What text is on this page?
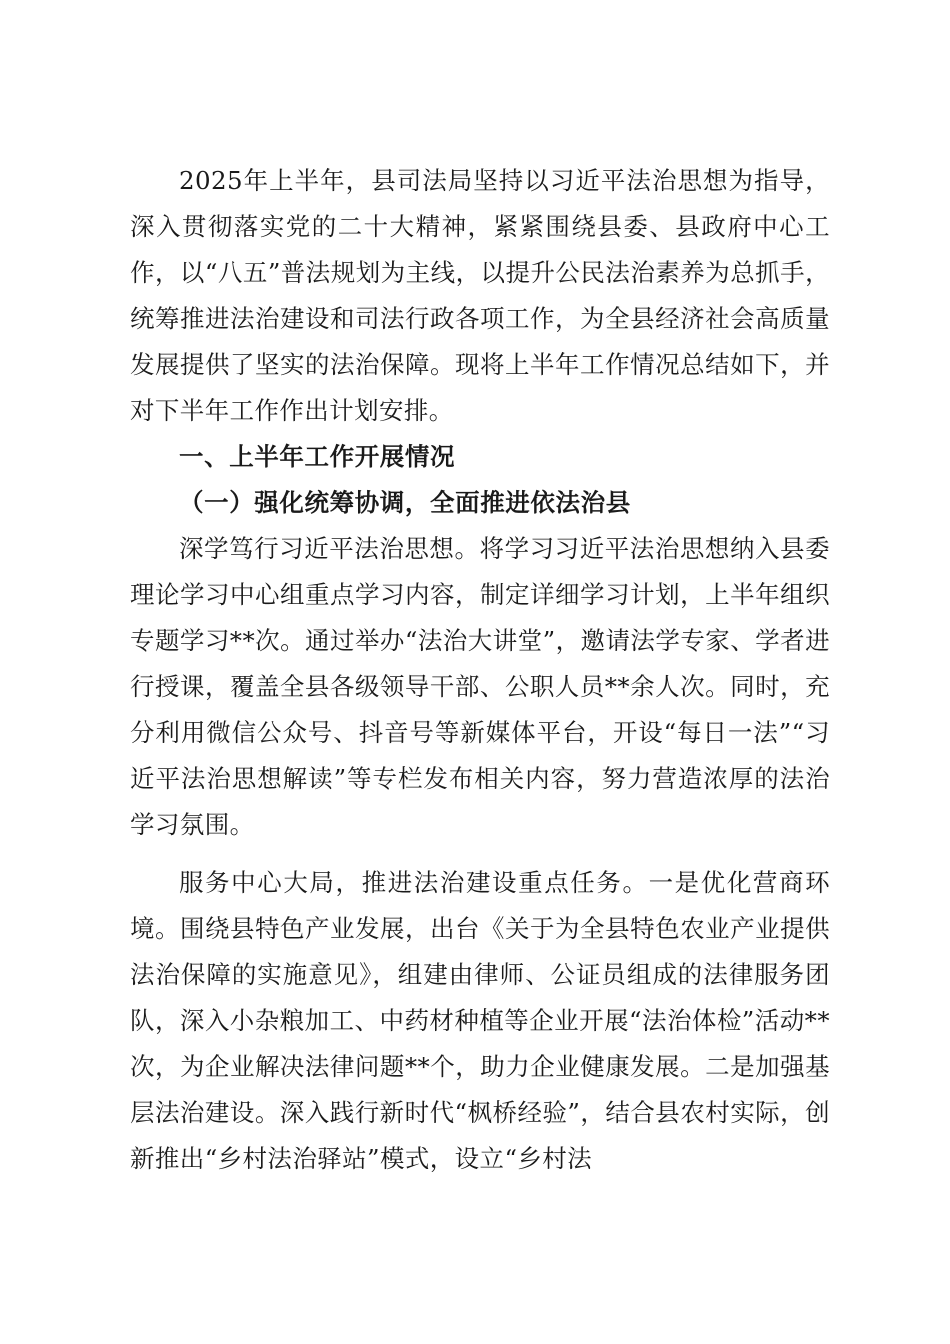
2025年上半年，县司法局坚持以习近平法治思想为指导，深入贯彻落实党的二十大精神，紧紧围绕县委、县政府中心工作，以“八五”普法规划为主线，以提升公民法治素养为总抓手，统筹推进法治建设和司法行政各项工作，为全县经济社会高质量发展提供了坚实的法治保障。现将上半年工作情况总结如下，并对下半年工作作出计划安排。

一、上半年工作开展情况

（一）强化统筹协调，全面推进依法治县

深学笃行习近平法治思想。将学习习近平法治思想纳入县委理论学习中心组重点学习内容，制定详细学习计划，上半年组织专题学习**次。通过举办“法治大讲堂”，邀请法学专家、学者进行授课，覆盖全县各级领导干部、公职人员**余人次。同时，充分利用微信公众号、抖音号等新媒体平台，开设“每日一法”“习近平法治思想解读”等专栏发布相关内容，努力营造浓厚的法治学习氛围。

服务中心大局，推进法治建设重点任务。一是优化营商环境。围绕县特色产业发展，出台《关于为全县特色农业产业提供法治保障的实施意见》，组建由律师、公证员组成的法律服务团队，深入小杂粮加工、中药材种植等企业开展“法治体检”活动**次，为企业解决法律问题**个，助力企业健康发展。二是加强基层法治建设。深入践行新时代“枫桥经验”，结合县农村实际，创新推出“乡村法治驿站”模式，设立“乡村法
